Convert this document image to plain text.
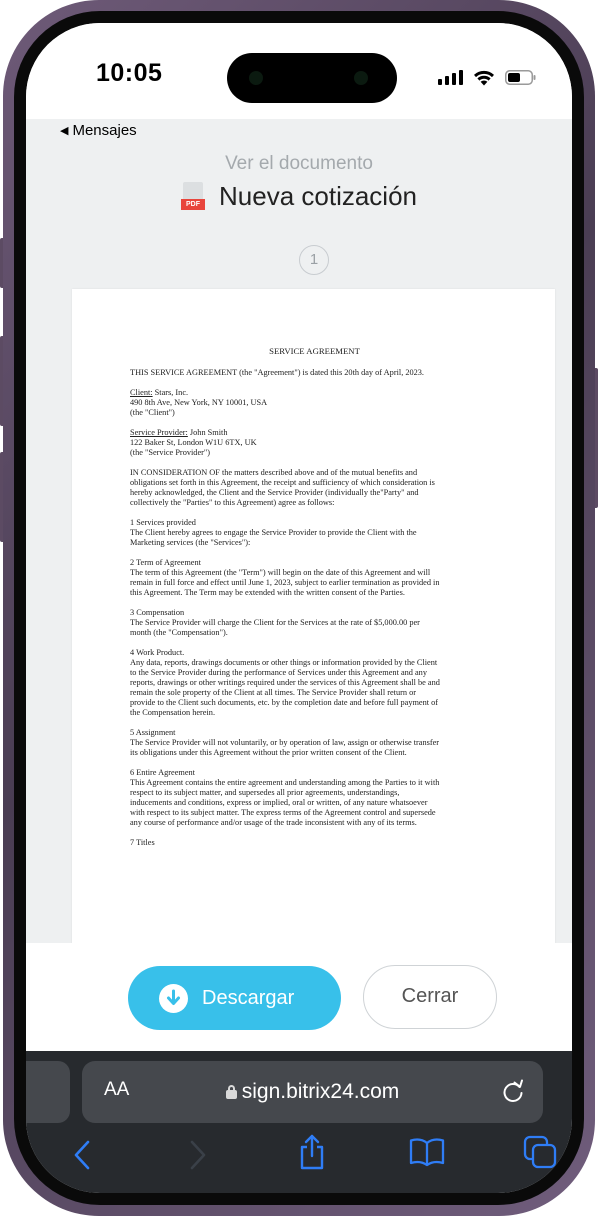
10:05
◀ Mensajes
Ver el documento
PDF Nueva cotización
1
SERVICE AGREEMENT
THIS SERVICE AGREEMENT (the "Agreement") is dated this 20th day of April, 2023.
Client: Stars, Inc.
490 8th Ave, New York, NY 10001, USA
(the "Client")
Service Provider: John Smith
122 Baker St, London W1U 6TX, UK
(the "Service Provider")
IN CONSIDERATION OF the matters described above and of the mutual benefits and
obligations set forth in this Agreement, the receipt and sufficiency of which consideration is
hereby acknowledged, the Client and the Service Provider (individually the"Party" and
collectively the "Parties" to this Agreement) agree as follows:
1 Services provided
The Client hereby agrees to engage the Service Provider to provide the Client with the
Marketing services (the "Services"):
2 Term of Agreement
The term of this Agreement (the "Term") will begin on the date of this Agreement and will
remain in full force and effect until June 1, 2023, subject to earlier termination as provided in
this Agreement. The Term may be extended with the written consent of the Parties.
3 Compensation
The Service Provider will charge the Client for the Services at the rate of $5,000.00 per
month (the "Compensation").
4 Work Product.
Any data, reports, drawings documents or other things or information provided by the Client
to the Service Provider during the performance of Services under this Agreement and any
reports, drawings or other writings required under the services of this Agreement shall be and
remain the sole property of the Client at all times. The Service Provider shall return or
provide to the Client such documents, etc. by the completion date and before full payment of
the Compensation herein.
5 Assignment
The Service Provider will not voluntarily, or by operation of law, assign or otherwise transfer
its obligations under this Agreement without the prior written consent of the Client.
6 Entire Agreement
This Agreement contains the entire agreement and understanding among the Parties to it with
respect to its subject matter, and supersedes all prior agreements, understandings,
inducements and conditions, express or implied, oral or written, of any nature whatsoever
with respect to its subject matter. The express terms of the Agreement control and supersede
any course of performance and/or usage of the trade inconsistent with any of its terms.
7 Titles
Descargar	Cerrar
AA	sign.bitrix24.com
